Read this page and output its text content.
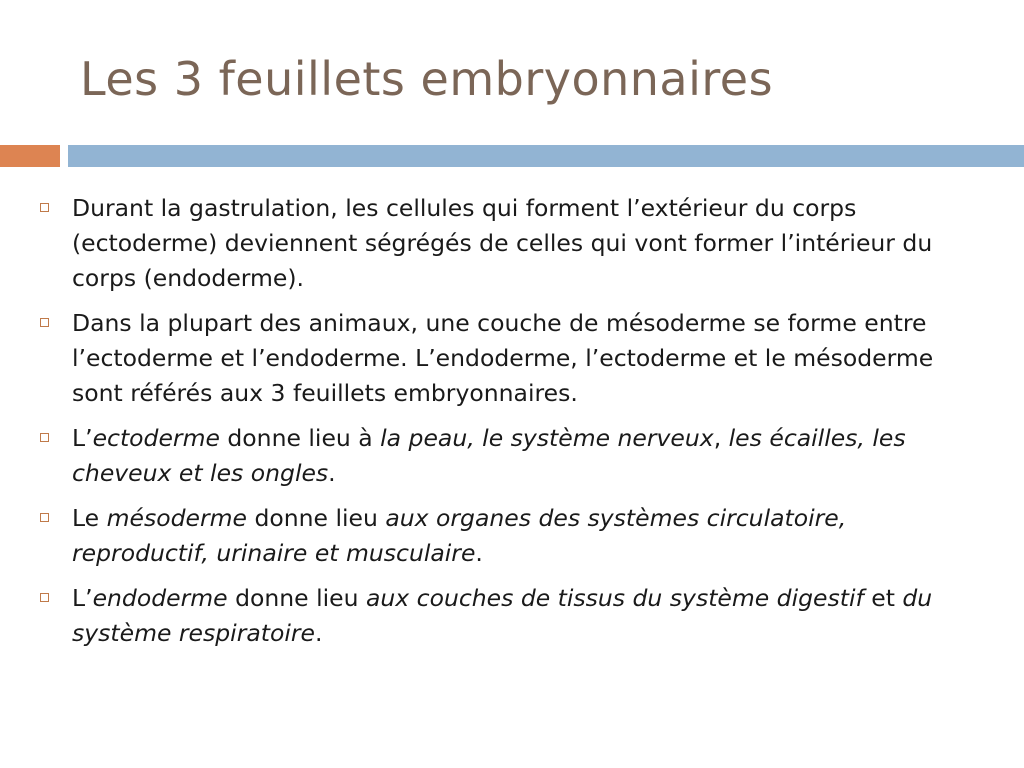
Les 3 feuillets embryonnaires
Durant la gastrulation, les cellules qui forment l’extérieur du corps (ectoderme) deviennent ségrégés de celles qui vont former l’intérieur du corps (endoderme).
Dans la plupart des animaux, une couche de mésoderme se forme entre l’ectoderme et l’endoderme. L’endoderme, l’ectoderme et le mésoderme sont référés aux 3 feuillets embryonnaires.
L’ectoderme donne lieu à la peau, le système nerveux, les écailles, les cheveux et les ongles.
Le mésoderme donne lieu aux organes des systèmes circulatoire, reproductif, urinaire et musculaire.
L’endoderme donne lieu aux couches de tissus du système digestif et du système respiratoire.
